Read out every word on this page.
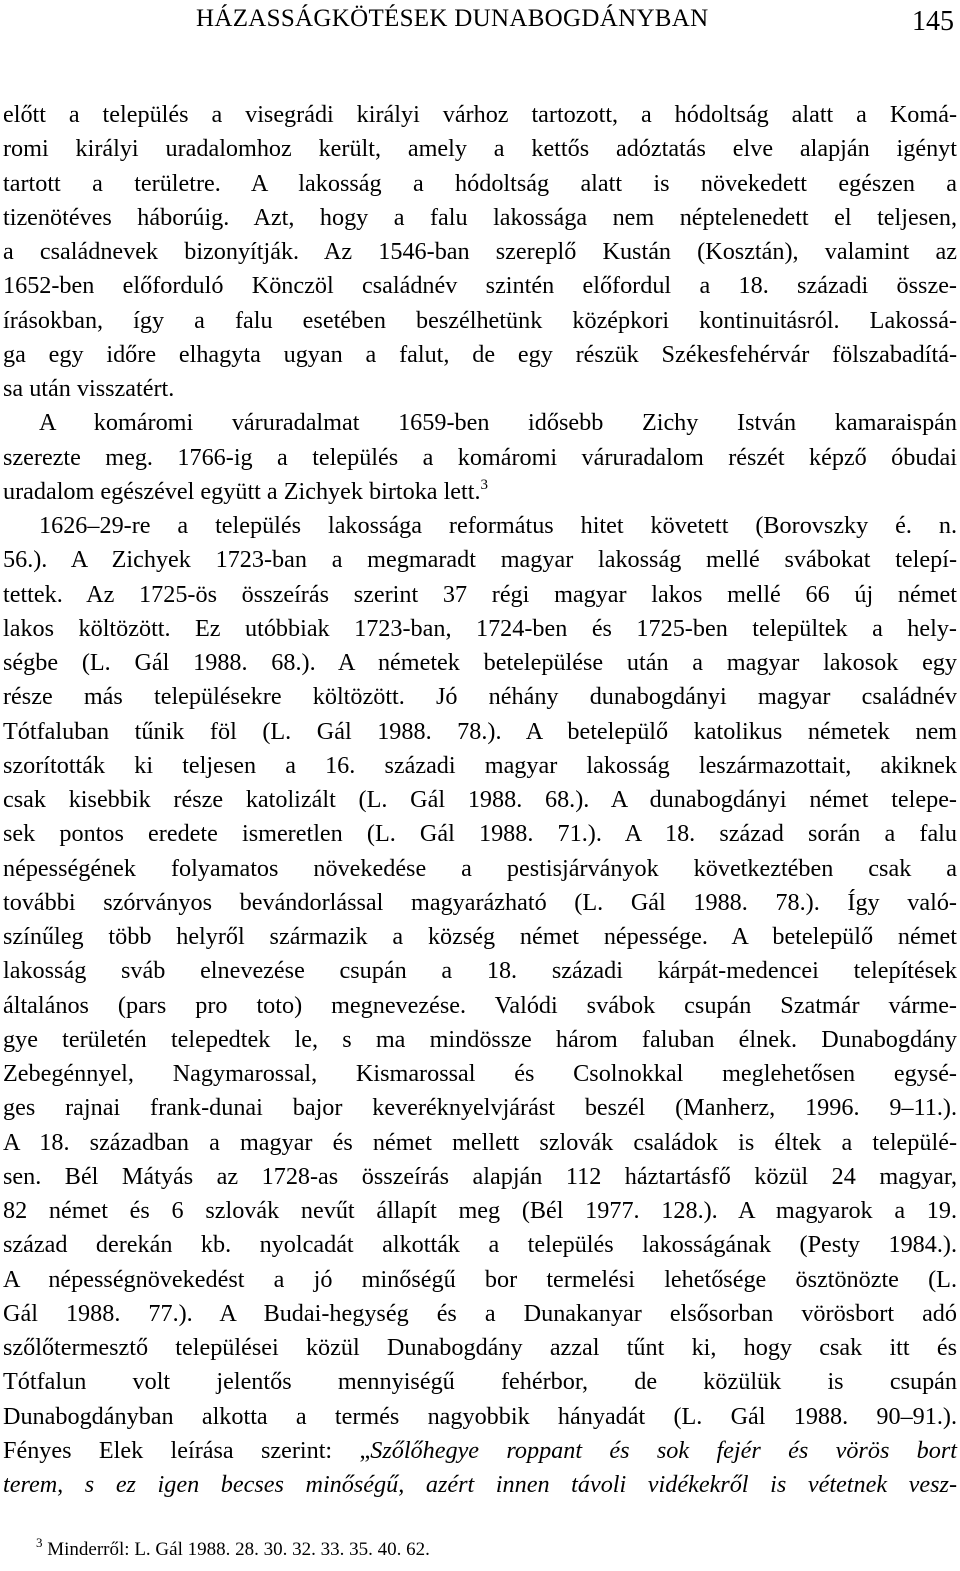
HÁZASSÁGKÖTÉSEK DUNABOGDÁNYBAN	145
előtt a település a visegrádi királyi várhoz tartozott, a hódoltság alatt a Komá-
romi királyi uradalomhoz került, amely a kettős adóztatás elve alapján igényt
tartott a területre. A lakosság a hódoltság alatt is növekedett egészen a
tizenötéves háborúig. Azt, hogy a falu lakossága nem néptelenedett el teljesen,
a családnevek bizonyítják. Az 1546-ban szereplő Kustán (Kosztán), valamint az
1652-ben előforduló Könczöl családnév szintén előfordul a 18. századi össze-
írásokban, így a falu esetében beszélhetünk középkori kontinuitásról. Lakossá-
ga egy időre elhagyta ugyan a falut, de egy részük Székesfehérvár fölszabadítá-
sa után visszatért.
A komáromi váruradalmat 1659-ben idősebb Zichy István kamaraispán
szerezte meg. 1766-ig a település a komáromi váruradalom részét képző óbudai
uradalom egészével együtt a Zichyek birtoka lett.$^3$
1626–29-re a település lakossága református hitet követett (Borovszky é. n.
56.). A Zichyek 1723-ban a megmaradt magyar lakosság mellé svábokat telepí-
tettek. Az 1725-ös összeírás szerint 37 régi magyar lakos mellé 66 új német
lakos költözött. Ez utóbbiak 1723-ban, 1724-ben és 1725-ben települtek a hely-
ségbe (L. Gál 1988. 68.). A németek betelepülése után a magyar lakosok egy
része más településekre költözött. Jó néhány dunabogdányi magyar családnév
Tótfaluban tűnik föl (L. Gál 1988. 78.). A betelepülő katolikus németek nem
szorították ki teljesen a 16. századi magyar lakosság leszármazottait, akiknek
csak kisebbik része katolizált (L. Gál 1988. 68.). A dunabogdányi német telepe-
sek pontos eredete ismeretlen (L. Gál 1988. 71.). A 18. század során a falu
népességének folyamatos növekedése a pestisjárványok következtében csak a
további szórványos bevándorlással magyarázható (L. Gál 1988. 78.). Így való-
színűleg több helyről származik a község német népessége. A betelepülő német
lakosság sváb elnevezése csupán a 18. századi kárpát-medencei telepítések
általános (pars pro toto) megnevezése. Valódi svábok csupán Szatmár várme-
gye területén telepedtek le, s ma mindössze három faluban élnek. Dunabogdány
Zebegénnyel, Nagymarossal, Kismarossal és Csolnokkal meglehetősen egysé-
ges rajnai frank-dunai bajor keveréknyelvjárást beszél (Manherz, 1996. 9–11.).
A 18. században a magyar és német mellett szlovák családok is éltek a települé-
sen. Bél Mátyás az 1728-as összeírás alapján 112 háztartásfő közül 24 magyar,
82 német és 6 szlovák nevűt állapít meg (Bél 1977. 128.). A magyarok a 19.
század derekán kb. nyolcadát alkották a település lakosságának (Pesty 1984.).
A népességnövekedést a jó minőségű bor termelési lehetősége ösztönözte (L.
Gál 1988. 77.). A Budai-hegység és a Dunakanyar elsősorban vörösbort adó
szőlőtermesztő települései közül Dunabogdány azzal tűnt ki, hogy csak itt és
Tótfalun volt jelentős mennyiségű fehérbor, de közülük is csupán
Dunabogdányban alkotta a termés nagyobbik hányadát (L. Gál 1988. 90–91.).
Fényes Elek leírása szerint: „Szőlőhegye roppant és sok fejér és vörös bort
terem, s ez igen becses minőségű, azért innen távoli vidékekről is vétetnek vesz-
$^3$ Minderről: L. Gál 1988. 28. 30. 32. 33. 35. 40. 62.
